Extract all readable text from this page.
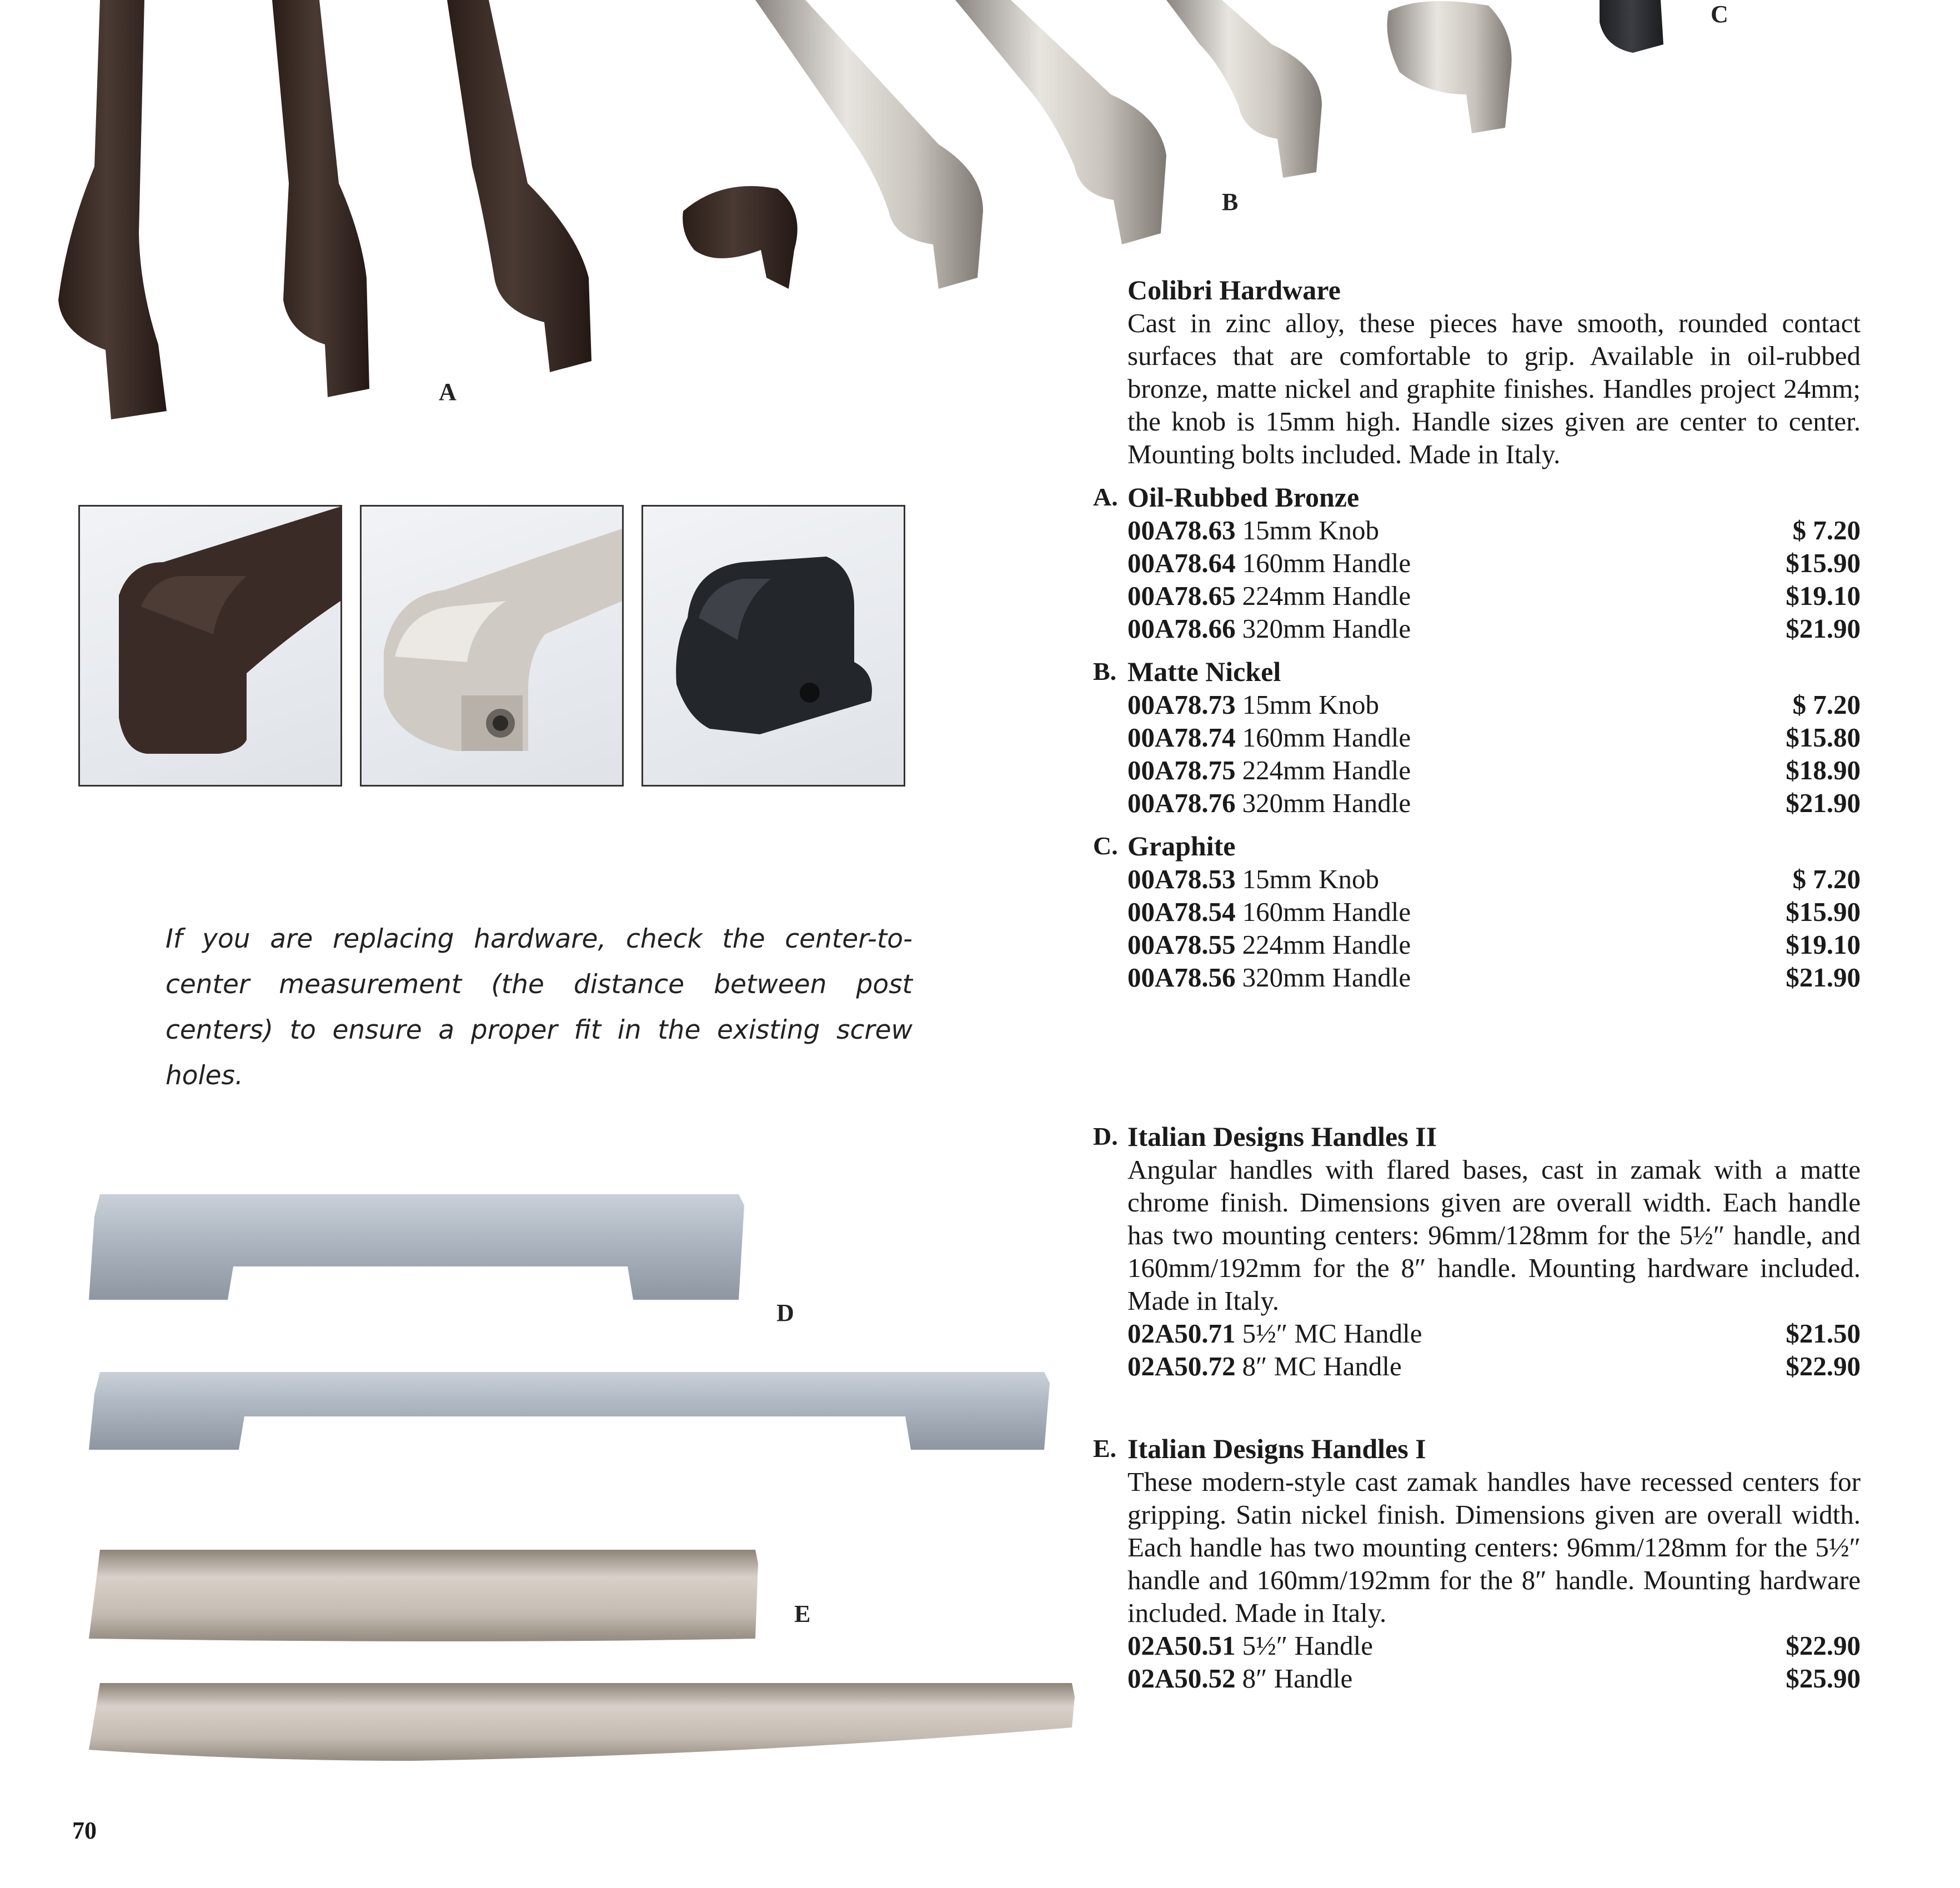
A
B
C
If you are replacing hardware, check the center-to-center measurement (the distance between post centers) to ensure a proper fit in the existing screw holes.
D
E
70
Colibri Hardware
Cast in zinc alloy, these pieces have smooth, rounded contact surfaces that are comfortable to grip. Available in oil-rubbed bronze, matte nickel and graphite finishes. Handles project 24mm; the knob is 15mm high. Handle sizes given are center to center. Mounting bolts included. Made in Italy.
A. Oil-Rubbed Bronze
00A78.63 15mm Knob	$ 7.20
00A78.64 160mm Handle	$15.90
00A78.65 224mm Handle	$19.10
00A78.66 320mm Handle	$21.90
B. Matte Nickel
00A78.73 15mm Knob	$ 7.20
00A78.74 160mm Handle	$15.80
00A78.75 224mm Handle	$18.90
00A78.76 320mm Handle	$21.90
C. Graphite
00A78.53 15mm Knob	$ 7.20
00A78.54 160mm Handle	$15.90
00A78.55 224mm Handle	$19.10
00A78.56 320mm Handle	$21.90
D. Italian Designs Handles II
Angular handles with flared bases, cast in zamak with a matte chrome finish. Dimensions given are overall width. Each handle has two mounting centers: 96mm/128mm for the 5½″ handle, and 160mm/192mm for the 8″ handle. Mounting hardware included. Made in Italy.
02A50.71 5½″ MC Handle	$21.50
02A50.72 8″ MC Handle	$22.90
E. Italian Designs Handles I
These modern-style cast zamak handles have recessed centers for gripping. Satin nickel finish. Dimensions given are overall width. Each handle has two mounting centers: 96mm/128mm for the 5½″ handle and 160mm/192mm for the 8″ handle. Mounting hardware included. Made in Italy.
02A50.51 5½″ Handle	$22.90
02A50.52 8″ Handle	$25.90
